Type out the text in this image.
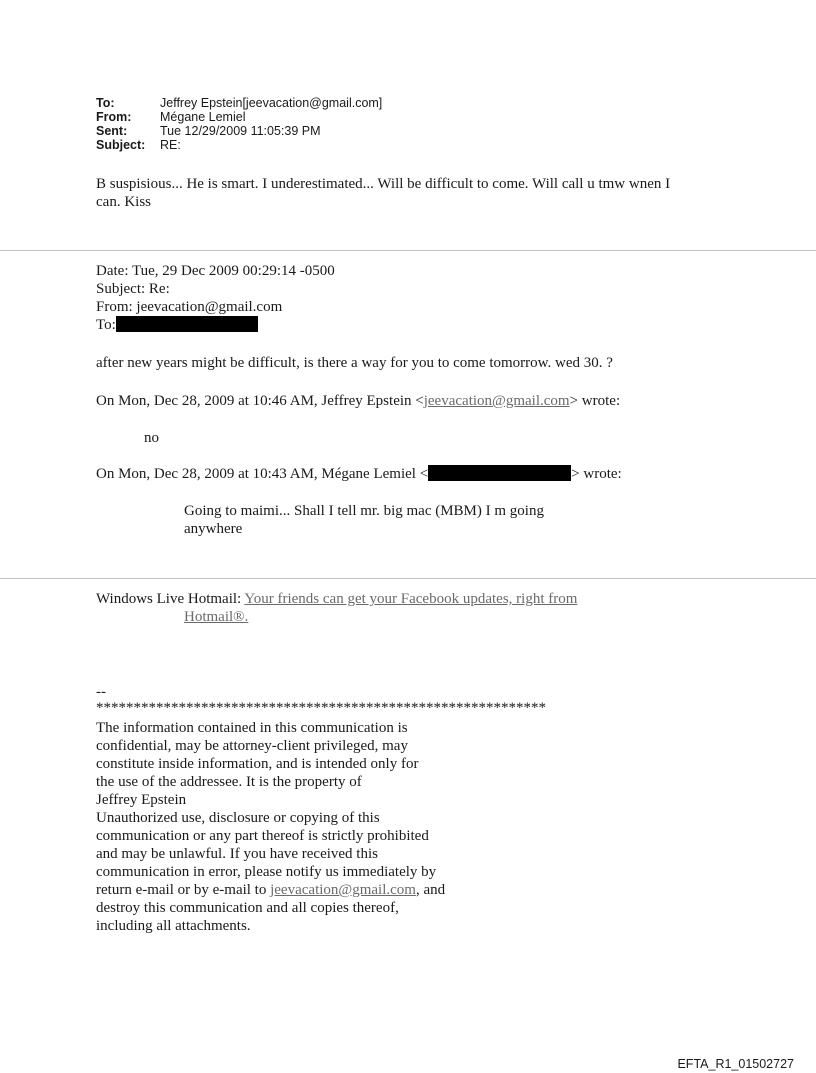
To:	Jeffrey Epstein[jeevacation@gmail.com]
From:	Mégane Lemiel
Sent:	Tue 12/29/2009 11:05:39 PM
Subject:	RE:
B suspisious... He is smart. I underestimated... Will be difficult to come. Will call u tmw wnen I
can. Kiss
Date: Tue, 29 Dec 2009 00:29:14 -0500
Subject: Re:
From: jeevacation@gmail.com
To:
after new years might be difficult, is there a way for you to come tomorrow. wed 30. ?
On Mon, Dec 28, 2009 at 10:46 AM, Jeffrey Epstein <jeevacation@gmail.com> wrote:
no
On Mon, Dec 28, 2009 at 10:43 AM, Mégane Lemiel <	> wrote:
Going to maimi... Shall I tell mr. big mac (MBM) I m going
anywhere
Windows Live Hotmail: Your friends can get your Facebook updates, right from
Hotmail®.
--
************************************************************
The information contained in this communication is
confidential, may be attorney-client privileged, may
constitute inside information, and is intended only for
the use of the addressee. It is the property of
Jeffrey Epstein
Unauthorized use, disclosure or copying of this
communication or any part thereof is strictly prohibited
and may be unlawful. If you have received this
communication in error, please notify us immediately by
return e-mail or by e-mail to jeevacation@gmail.com, and
destroy this communication and all copies thereof,
including all attachments.
EFTA_R1_01502727
